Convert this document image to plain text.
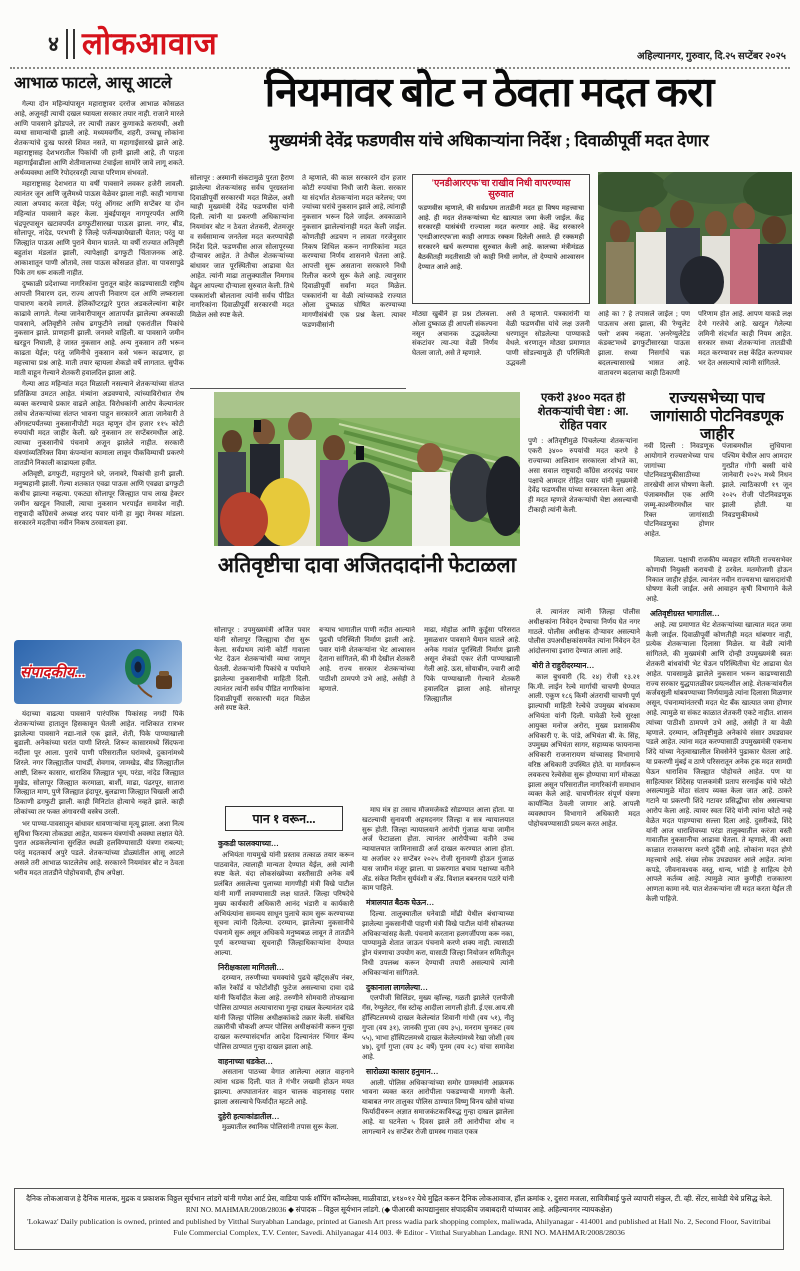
४ लोकआवाज	अहिल्यानगर, गुरुवार, दि.२५ सप्टेंबर २०२५
आभाळ फाटले, आसू आटले

गेल्या दोन महिन्यांपासून महाराष्ट्रावर दररोज आभाळ कोसळत आहे, अजूनही त्याची दखल घ्यायला सरकार तयार नाही. राजाने मारले आणि पावसाने झोडपले, तर त्याची तक्रार कुणाकडे करायची, अशी व्यथा सामान्यांची झाली आहे. मध्यमवर्गीय, शहरी, उच्चभ्रू लोकांना शेतकऱ्यांचे दुःख फारसे शिवत नसते, या महागाईसारखे झाले आहे. महाराष्ट्रासह देशभरातील पिकांची जी हानी झाली आहे, ती पाहता महागाईवाढीला आणि शेतीमालाच्या टंचाईला सामोरे जावे लागू शकते. अर्थव्यवस्था आणि रेपोदरवरही त्याचा परिणाम संभवतो.

महाराष्ट्रासह देशभरात या वर्षी पावसाने लवकर हजेरी लावली. त्यानंतर जून आणि जुलैमध्ये पाऊस वेळेवर झाला नाही. काही भागाचा त्याला अपवाद करता येईल; परंतु ऑगस्ट आणि सप्टेंबर या दोन महिन्यांत पावसाने कहर केला. मुंबईपासून नागपूरपर्यंत आणि चंद्रपूरपासून खटावपर्यंत ढगफुटीसारखा पाऊस झाला. नगर, बीड, सोलापूर, नांदेड, परभणी हे जिल्हे पर्जन्यछायेखाली येतात; परंतु या जिल्ह्यांत पाऊस आणि पुराने थैमान घातले. या वर्षी राज्यात अतिवृष्टी बहुतांश मंडलांत झाली, त्यापेक्षाही ढगफुटी चिंताजनक आहे. आकाशातून पाणी ओतावे, तसा पाऊस कोसळत होता. या पावसापुढे पिके तग धरू शकली नाहीत.

दुष्काळी प्रदेशाच्या नागरिकांना पुरातून बाहेर काढण्यासाठी राष्ट्रीय आपत्ती निवारण दल, राज्य आपत्ती निवारण दल आणि लष्कराला पाचारण करावे लागले. हेलिकॉप्टरद्वारे पुरात अडकलेल्यांना बाहेर काढावे लागले. गेल्या जानेवारीपासून आतापर्यंत झालेल्या अवकाळी पावसाने, अतिवृष्टीने तसेच ढगफुटीने लाखो एकरांतील पिकांचे नुकसान झाले. प्राणहानी झाली. जनावरे वाहिली. या पावसाने जमीन खरडून निघाली, हे जास्त नुकसान आहे. अन्य नुकसान तरी भरून काढता येईल; परंतु जमिनीचे नुकसान कसे भरून काढणार, हा महत्त्वाचा प्रश्न आहे. माती तयार व्हायला शेकडो वर्षे लागतात. सुपीक माती वाहून गेल्याने शेतकरी हवालदिल झाला आहे.

गेल्या आठ महिन्यांत मदत मिळाली नसल्याने शेतकऱ्यांच्या संतप्त प्रतिक्रिया उमटत आहेत. मंत्र्यांना अडवण्याचे, त्यांच्याविरोधात रोष व्यक्त करण्याचे प्रकार वाढले आहेत. विरोधकांनी आरोप केल्यानंतर तसेच शेतकऱ्यांच्या संतप्त भावना पाहून सरकारने आता जानेवारी ते ऑगस्टपर्यंतच्या नुकसानीपोटी मदत म्हणून दोन हजार ११५ कोटी रुपयांची मदत जाहीर केली. खरे नुकसान तर सप्टेंबरमधील आहे. त्याच्या नुकसानीचे पंचनामे अजून झालेले नाहीत. सरकारी यंत्रणांव्यतिरिक्त विमा कंपन्यांना कामाला लावून पीकविम्याची प्रकरणे तातडीने निकाली काढायला हवीत.

अतिवृष्टी, ढगफुटी, महापुराने घरे, जनावरे, पिकांची हानी झाली. मनुष्यहानी झाली. गेल्या शतकात एवढा पाऊस आणि एवढ्या ढगफुटी कधीच झाल्या नव्हत्या. एकट्या सोलापूर जिल्ह्यात पाच लाख हेक्टर जमीन खरडून निघाली, त्याचा नुकसान भरपाईत समावेश नाही. राष्ट्रवादी काँग्रेसचे अध्यक्ष शरद पवार यांनी हा मुद्दा नेमका मांडला. सरकारने मदतीचा नवीन निकष ठरवायला हवा.

संपादकीय...

यंदाच्या वाढत्या पावसाने पारंपरिक पिकांसह नगदी पिके शेतकऱ्यांच्या हातातून हिसकावून घेतली आहेत. नाशिकात रात्रभर झालेल्या पावसाने नद्या-नाले एक झाले, शेती, पिके पाण्याखाली बुडाली. अनेकांच्या घरांत पाणी शिरले. शिरूर कासारमध्ये सिंदफना नदीला पूर आला. पुराचे पाणी परिसरातील घरांमध्ये, दुकानांमध्ये शिरले. नगर जिल्ह्यातील पाथर्डी, शेवगाव, जामखेड, बीड जिल्ह्यातील आष्टी, शिरूर कासार, धाराशिव जिल्ह्यात भूम, परंडा, नांदेड जिल्ह्यात मुखेड, सोलापूर जिल्ह्यात करमाळा, बार्शी, माढा, पंढरपूर, सातारा जिल्ह्यात माण, पुणे जिल्ह्यात इंदापूर, बुलढाणा जिल्ह्यात चिखली आदी ठिकाणी ढगफुटी झाली. काही मिनिटांत होत्याचे नव्हते झाले. काही लोकांच्या तर फक्त अंगावरची वस्त्रेच उरली.

भर पाण्या-पावसातून बांधावर धावणाऱ्यांचा मृत्यू झाला. अशा नित्य सुविधा फिरत्या तोकड्या आहेत, यावरून यंत्रणांची अवस्था लक्षात येते. पुरात अडकलेल्यांना सुरक्षित स्थळी हलविण्यासाठी यंत्रणा राबल्या; परंतु मदतकार्य अपुरे पडले. शेतकऱ्यांच्या डोळ्यांतील आसू आटले असले तरी आभाळ फाटलेलेच आहे. सरकारने नियमांवर बोट न ठेवता भरीव मदत तातडीने पोहोचवावी, हीच अपेक्षा.

नियमावर बोट न ठेवता मदत करा
मुख्यमंत्री देवेंद्र फडणवीस यांचे अधिकाऱ्यांना निर्देश ; दिवाळीपूर्वी मदत देणार
सोलापूर : अस्मानी संकटामुळे पुरता हैराण झालेल्या शेतकऱ्यांसह सर्वच पूरग्रस्तांना दिवाळीपूर्वी सरकारची मदत मिळेल, अशी ग्वाही मुख्यमंत्री देवेंद्र फडणवीस यांनी दिली. त्यांनी या प्रकरणी अधिकाऱ्यांना नियमांवर बोट न ठेवता शेतकरी, शेतमजूर व सर्वसामान्य जनतेला मदत करण्याचेही निर्देश दिले. फडणवीस आज सोलापूरच्या दौऱ्यावर आहेत. ते तेथील शेतकऱ्यांच्या बांधावर जात पूरस्थितीचा आढावा घेत आहेत. त्यांनी माढा तालुक्यातील निमगाव वेढून आपल्या दौऱ्याला सुरुवात केली. तिथे पत्रकारांशी बोलताना त्यांनी सर्वच पीडित नागरिकांना दिवाळीपूर्वी सरकारची मदत मिळेल असे स्पष्ट केले.
ते म्हणाले, की काल सरकारने दोन हजार कोटी रुपयांचा निधी जारी केला. सरकार या संदर्भात शेतकऱ्यांना मदत करेलच; पण ज्यांच्या घरांचे नुकसान झाले आहे, त्यांनाही नुकसान भरून दिले जाईल. अवकाळाने नुकसान झालेल्यांनाही मदत केली जाईल. कोणतीही अडचण न लावता गरजेनुसार निकष शिथिल करून नागरिकांना मदत करण्याचा निर्णय शासनाने घेतला आहे. आपत्ती सुरू असताना सरकारने निधी रिलीज करणे सुरू केले आहे. त्यानुसार दिवाळीपूर्वी सर्वांना मदत मिळेल. पत्रकारांनी या वेळी त्यांच्याकडे राज्यात ओला दुष्काळ घोषित करण्याच्या मागणीसंबंधी एक प्रश्न केला. त्यावर फडणवीसांनी
'एनडीआरएफ'चा राखीव निधी वापरण्यास सुरुवात
फडणवीस म्हणाले, की सर्वप्रथम तातडीनी मदत हा विषय महत्त्वाचा आहे. ही मदत शेतकऱ्यांच्या थेट खात्यात जमा केली जाईल. केंद्र सरकारही यासंबंधी राज्याला मदत करणार आहे. केंद्र सरकारने 'एनडीआरएफ'ला काही आगाऊ रक्कम दिलेली असते. ही रक्कमही सरकारने खर्च करण्यास सुरुवात केली आहे. कालच्या मंत्रीमंडळ बैठकीतही मदतीसाठी जो काही निधी लागेल, तो देण्याचे आश्वासन देण्यात आले आहे.
मोठ्या खुबीने हा प्रश्न टोलवला. ओला दुष्काळ ही आपली संकल्पना नसून अचानक उद्भवलेल्या संकटांवर त्या-त्या वेळी निर्णय घेतला जातो, असे ते म्हणाले.
असे ते म्हणाले. पत्रकारांनी या वेळी फडणवीस यांचे लक्ष उजनी धरणातून सोडलेल्या पाण्याकडे वेधले. धरणातून मोठ्या प्रमाणात पाणी सोडल्यामुळे ही परिस्थिती उद्भवली
आहे का ? हे तपासले जाईल ; पण पाऊसच असा झाला, की 'रेग्युलेट फ्लो' शक्य नव्हता. 'अनरेग्युलेटेड कंडक्ट'मध्ये ढगफुटीसारखा पाऊस झाला. सध्या निसर्गाचे चक्र बदलल्यासारखे भासत आहे. वातावरण बदलाचा काही ठिकाणी
परिणाम होत आहे. आपण याकडे लक्ष देणे गरजेचे आहे. खरडून गेलेल्या जमिनी संदर्भात काही नियम आहेत. सरकार सध्या शेतकऱ्यांना तातडीची मदत करण्यावर लक्ष केंद्रित करण्यावर भर देत असल्याचे त्यांनी सांगितले.
एकरी ३४०० मदत ही शेतकऱ्यांची चेष्टा : आ. रोहित पवार
पुणे : अतिवृष्टीमुळे पिचलेल्या शेतकऱ्यांना एकरी ३४०० रुपयांची मदत करणे हे राज्याच्या आलिशान सरकारला शोभते का, असा सवाल राष्ट्रवादी काँग्रेस शरदचंद्र पवार पक्षाचे आमदार रोहित पवार यांनी मुख्यमंत्री देवेंद्र फडणवीस यांच्या सरकारला केला आहे. ही मदत म्हणजे शेतकऱ्यांची चेष्टा असल्याची टीकाही त्यांनी केली.
राज्यसभेच्या पाच जागांसाठी पोटनिवडणूक जाहीर
नवी दिल्ली : निवडणूक आयोगाने राज्यसभेच्या पाच जागांच्या पोटनिवडणुकीसाठीच्या तारखेची आज घोषणा केली. पंजाबमधील एक आणि जम्मू-काश्मीरमधील चार रिक्त जागांसाठी पोटनिवडणुका होणार आहेत.
पंजाबमधील लुधियाना पश्चिम येथील आप आमदार गुरप्रीत गोगी बस्सी यांचे जानेवारी २०२५ मध्ये निधन झाले. त्याठिकाणी १९ जून २०२५ रोजी पोटनिवडणूक झाली होती. या निवडणुकीमध्ये
अतिवृष्टीचा दावा अजितदादांनी फेटाळला
सोलापूर : उपमुख्यमंत्री अजित पवार यांनी सोलापूर जिल्ह्याचा दौरा सुरू केला. सर्वप्रथम त्यांनी कोर्टी गावाला भेट देऊन शेतकऱ्यांची व्यथा जाणून घेतली. शेतकऱ्यांनी पिकांचे व पर्यायाने झालेल्या नुकसानीची माहिती दिली. त्यानंतर त्यांनी सर्वच पीडित नागरिकांना दिवाळीपूर्वी सरकारची मदत मिळेल असे स्पष्ट केले.
बऱ्याच भागातील पाणी नदीत आल्याने पुढची परिस्थिती निर्माण झाली आहे. पवार यांनी शेतकऱ्यांना भेट आश्वासन देताना सांगितले, की मी देखील शेतकरी आहे. राज्य सरकार शेतकऱ्यांच्या पाठीशी ठामपणे उभे आहे, असेही ते म्हणाले.
माढा, मोहोळ आणि कुर्डूसा परिसरात मुसळधार पावसाने थैमान घातले आहे. अनेक गावांत पूरस्थिती निर्माण झाली असून शेकडो एकर शेती पाण्याखाली गेली आहे. ऊस, सोयाबीन, ज्वारी आदी पिके पाण्याखाली गेल्याने शेतकरी हवालदिल झाला आहे. सोलापूर जिल्ह्यातील

ले. त्यानंतर त्यांनी जिल्हा पोलीस अधीक्षकांना निवेदन देण्याचा निर्णय घेत नगर गाठले. पोलीस अधीक्षक दौऱ्यावर असल्याने पोलीस उपअधीक्षकांसमवेत त्यांना निवेदन देत आंदोलनाचा इशारा देण्यात आला आहे.

बोरी ते राहुरीदरम्यान…

काल बुधवारी (दि. २४) रोजी १३.२१ कि.मी. लाईन रेल्वे मार्गाची चाचणी घेण्यात आली. एकूण १८६ किमी अंतराची चाचणी पूर्ण झाल्याची माहिती रेल्वेचे उपमुख्य बांधकाम अभियंता यांनी दिली. यावेळी रेल्वे सुरक्षा आयुक्त मनोज अरोरा, मुख्य प्रशासकीय अधिकारी ए. के. पांडे, अभियंता बी. के. सिंह, उपमुख्य अभियंता सागर, सहाय्यक फायनान्स अधिकारी राजनारायण यांच्यासह विभागाचे वरिष्ठ अधिकारी उपस्थित होते. या मार्गावरून लवकरच रेल्वेसेवा सुरू होण्याचा मार्ग मोकळा झाला असून परिसरातील नागरिकांनी समाधान व्यक्त केले आहे. चाचणीनंतर संपूर्ण यंत्रणा कार्यान्वित ठेवली जाणार आहे. आपली व्यवस्थापन विभागाने अधिकारी मदत पोहोचवण्यासाठी प्रयत्न करत आहेत.

मिळाला. पक्षाची राजकीय व्यवहार समिती राज्यसभेवर कोणाची नियुक्ती करायची हे ठरवेल. मतमोजणी होऊन निकाल जाहीर होईल. त्यानंतर नवीन राज्यसभा खासदारांची घोषणा केली जाईल. असे आवाहन कृषी विभागाने केले आहे.

अतिवृष्टीग्रस्त भागातील…

आहे. त्या प्रमाणात थेट शेतकऱ्यांच्या खात्यात मदत जमा केली जाईल. दिवाळीपूर्वी कोणतीही मदत थांबणार नाही, प्रत्येक शेतकऱ्याला दिलासा मिळेल. या वेळी त्यांनी सांगितले, की मुख्यमंत्री आणि दोन्ही उपमुख्यमंत्री स्वतः शेतकरी बांधवांची भेट घेऊन परिस्थितीचा थेट आढावा घेत आहेत. पावसामुळे झालेले नुकसान भरून काढण्यासाठी राज्य सरकार युद्धपातळीवर प्रयत्नशील आहे. शेतकऱ्यांवरील कर्जवसुली थांबवण्याच्या निर्णयामुळे त्यांना दिलासा मिळणार असून, पंचनाम्यांनंतरची मदत थेट बँक खात्यात जमा होणार आहे. त्यामुळे या संकट काळात शेतकरी एकटे नाहीत. शासन त्यांच्या पाठीशी ठामपणे उभे आहे, असेही ते या वेळी म्हणाले. दरम्यान, अतिवृष्टीमुळे अनेकांचे संसार उघड्यावर पडले आहेत. त्यांना मदत करण्यासाठी उपमुख्यमंत्री एकनाथ शिंदे यांच्या नेतृत्वाखालील शिवसेनेने पुढाकार घेतला आहे. या प्रकरणी मुंबई व ठाणे परिसरातून अनेक ट्रक मदत सामग्री घेऊन धाराशिव जिल्ह्यात पोहोचले आहेत. पण या साहित्यावर शिंदेसह पालकमंत्री प्रताप सरनाईक यांचे फोटो असल्यामुळे मोठा संताप व्यक्त केला जात आहे. ठाकरे गटाने या प्रकरणी शिंदे गटावर प्रसिद्धीचा सोस असल्याचा आरोप केला आहे. त्यावर स्वतः शिंदे यांनी त्यांना फोटो नव्हे वेळेत मदत पाहण्याचा सल्ला दिला आहे. दुसरीकडे, शिंदे यांनी आज धाराशिवच्या परंडा तालुक्यातील करंजा वस्ती गावातील नुकसानीचा आढावा घेतला. ते म्हणाले, की अशा काळात राजकारण करणे दुर्दैवी आहे. लोकांना मदत होणे महत्त्वाचे आहे. संख्य लोक उघड्यावर आले आहेत. त्यांना कपडे, जीवनावश्यक वस्तू, धान्य, भांडी हे साहित्य देणे आपले कर्तव्य आहे. त्यामुळे त्यात कुणीही राजकारण आणता कामा नये. यात शेतकऱ्यांना जी मदत करता येईल ती केली पाहिजे.

पान १ वरून...
कुकडी फालक्याच्या…

अभियंता गायमुखे यांनी प्रस्ताव तत्काळ तयार करून पाठवावेत, त्यालाही मान्यता देण्यात येईल, असे त्यांनी स्पष्ट केले. यंदा लोकसंख्येच्या वस्तीसाठी अनेक वर्षे प्रलंबित असलेल्या पुलाच्या मागणीही मंत्री विखे पाटील यांनी मार्गी लावण्यासाठी लक्ष घातले. जिल्हा परिषदेचे मुख्य कार्यकारी अधिकारी आनंद भंडारी व कार्यकारी अभियंत्यांना समन्वय साधून पुलाचे काम सुरू करण्याच्या सूचना त्यांनी दिलेल्या. दरम्यान, झालेल्या नुकसानीचे पंचनामे सुरू असून अधिकचे मनुष्यबळ लावून ते तातडीने पूर्ण करण्याच्या सूचनाही जिल्हाधिकाऱ्यांना देण्यात आल्या.

निरीक्षकाला मागितली…

दरम्यान, तरुणीच्या चमक्यांचे पुढचे व्हॉट्सॲप नंबर, कॉल रेकॉर्ड व फोटोंशीही फुटेज असल्याचा दावा दाढे यांनी फिर्यादीत केला आहे. तरुणीने सोमवारी तोफखाना पोलिस ठाण्यात अत्याचाराचा गुन्हा दाखल केल्यानंतर दाढे यांनी जिल्हा पोलिस अधीक्षकांकडे तक्रार केली. संबंधित तक्रारीची चौकशी अप्पर पोलिस अधीक्षकांनी करून गुन्हा दाखल करण्यासंदर्भात आदेश दिल्यानंतर भिंगार कॅम्प पोलिस ठाण्यात गुन्हा दाखल झाला आहे.

वाहनाच्या धडकेत…

असताना पाठच्या वेगात आलेल्या अज्ञात वाहनाने त्यांना धडक दिली. यात ते गंभीर जखमी होऊन मयत झाल्या. अपघातानंतर वाहन चालक वाहनासह पसार झाला असल्याचे फिर्यादीत म्हटले आहे.

दुहेरी हत्याकांडातील…

मुळ्यातील स्थानिक पोलिसांनी तपास सुरू केला.

माघ मंत्र हा तसाच मौजमजेकडे सोडण्यात आला होता. या खटल्याची सुनावणी अहमदनगर जिल्हा व सत्र न्यायालयात सुरू होती. जिल्हा न्यायालयाने आरोपी गुंजाळ याचा जामीन अर्ज फेटाळला होता. त्यानंतर आरोपीच्या वतीने उच्च न्यायालयात जामिनासाठी अर्ज दाखल करण्यात आला होता. या अर्जावर २२ सप्टेंबर २०२५ रोजी सुनावणी होऊन गुंजाळ यास जामीन मंजूर झाला. या प्रकरणात बचाव पक्षाच्या वतीने ॲड. संकेत नितीन सुर्यवंशी व ॲड. विशाल बबनराव पठारे यांनी काम पाहिले.

मंत्रालयात बैठक घेऊन…

दिल्या. तालुक्यातील घनेवाडी मोंढी येथील बंधाऱ्याच्या झालेल्या नुकसानीची पाहणी मंत्री विखे पाटील यांनी सोबतच्या अधिकाऱ्यांसह केली. पंचनामे करताना हलगर्जीपणा करू नका, पाण्यामुळे शेतात जाऊन पंचनामे करणे शक्य नाही. त्यासाठी ड्रोन यंत्रणाचा उपयोग करा, यासाठी जिल्हा नियोजन समितीतून निधी उपलब्ध करून देण्याची तयारी असल्याचे त्यांनी अधिकाऱ्यांना सांगितले.

दुकानाला लागलेल्या…

एलपीजी सिलिंडर, मुख्य व्हॉल्व्ह, गळती झालेले एलपीजी गॅस, रेग्युलेटर, गॅस स्टोव्ह आदीला लागली होती. ई.एस.आय.सी हॉस्पिटलमध्ये दाखल केलेल्यांत शिवानी गांधी (वय ५१), नीतू गुप्ता (वय ३१), जानकी गुप्ता (वय ३५), मनराम चुनकट (वय ५५), भाभा हॉस्पिटलमध्ये दाखल केलेल्यांमध्ये रेखा जोशी (वय ४७), दुर्गा गुप्ता (वय ३८ वर्षे) पूनम (वय २८) यांचा समावेश आहे.

सारोळ्या कासार हनुमान…

आली. पोलिस अधिकाऱ्यांच्या समोर ग्रामस्थांनी आक्रमक भावना व्यक्त करत आरोपीला पकडण्याची मागणी केली. याबाबत नगर तालुका पोलिस ठाण्यात विष्णु विनय खोसे यांच्या फिर्यादीवरून अज्ञात समाजकंटकाविरुद्ध गुन्हा दाखल झालेला आहे. या घटनेला ५ दिवस झाले तरी आरोपीचा शोध न लागल्याने २४ सप्टेंबर रोजी ग्रामस्थ गावात एकत्र

दैनिक लोकआवाज हे दैनिक मालक, मुद्रक व प्रकाशक विठ्ठल सूर्यभान लांडगे यांनी गणेश आर्ट प्रेस, वाडिया पार्क शॉपिंग कॉम्प्लेक्स, माळीवाडा, ४१४०१२ येथे मुद्रित करून दैनिक लोकआवाज, हॉल क्रमांक २, दुसरा मजला, सावित्रीबाई फुले व्यापारी संकुल, टी. व्ही. सेंटर, सावेडी येथे प्रसिद्ध केले. RNI NO. MAHMAR/2008/28036 ◆ संपादक – विठ्ठल सूर्यभान लांडगे. (◆ पीआरबी कायद्यानुसार संपादकीय जबाबदारी यांच्यावर आहे. अहिल्यानगर न्यायकक्षेत)
'Lokawaz' Daily publication is owned, printed and published by Vitthal Suryabhan Landage, printed at Ganesh Art press wadia park shopping complex, maliwada, Ahilyanagar - 414001 and published at Hall No. 2, Second Floor, Savitribai Fule Commercial Complex, T.V. Center, Savedi. Ahilyanagar 414 003. ❈ Editor - Vitthal Suryabhan Landage. RNI NO. MAHMAR/2008/28036
